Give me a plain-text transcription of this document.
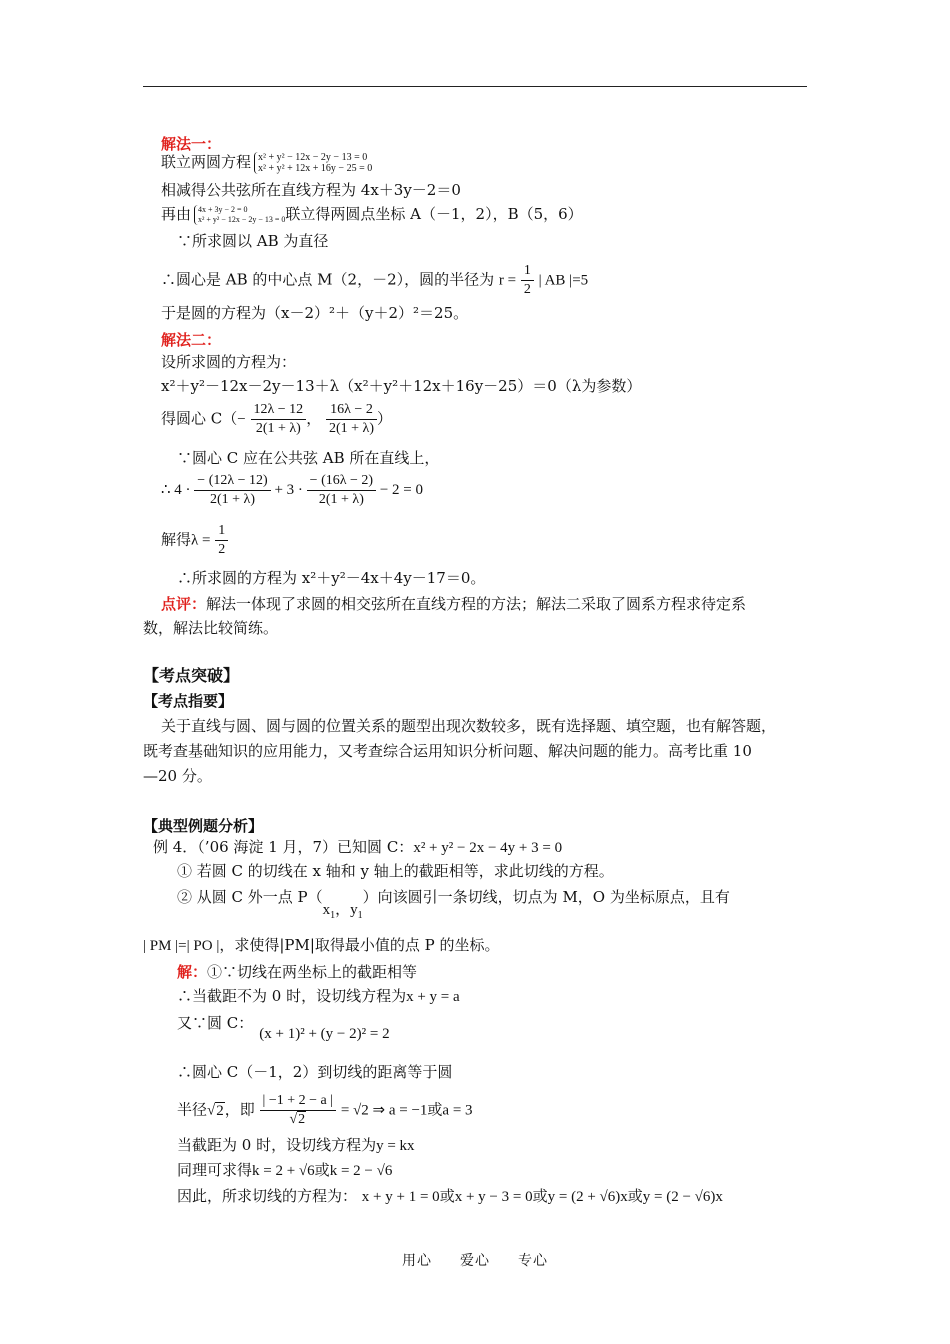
解法一：
联立两圆方程 x² + y² − 12x − 2y − 13 = 0
x² + y² + 12x + 16y − 25 = 0
相减得公共弦所在直线方程为 4x＋3y－2＝0
再由 4x + 3y − 2 = 0
x² + y² − 12x − 2y − 13 = 0联立得两圆点坐标 A（－1，2），B（5，6）
∵所求圆以 AB 为直径
∴圆心是 AB 的中心点 M（2，－2），圆的半径为 $r = \frac{1}{2}$ | AB |=5
于是圆的方程为（x－2）²＋（y＋2）²＝25。
解法二：
设所求圆的方程为：
x²＋y²－12x－2y－13＋λ（x²＋y²＋12x＋16y－25）＝0（λ为参数）
得圆心 $C(- \frac{12\lambda - 12}{2(1 + \lambda)}$ ， $\frac{16\lambda - 2}{2(1 + \lambda)}$ ）
∵圆心 C 应在公共弦 AB 所在直线上，
∴ $4 \cdot \frac{- (12\lambda - 12)}{2(1 + \lambda)} + 3 \cdot \frac{- (16\lambda - 2)}{2(1 + \lambda)} - 2 = 0$
解得$\lambda = \frac{1}{2}$
∴所求圆的方程为 x²＋y²－4x＋4y－17＝0。
点评：解法一体现了求圆的相交弦所在直线方程的方法；解法二采取了圆系方程求待定系
数，解法比较简练。
【考点突破】
【考点指要】
关于直线与圆、圆与圆的位置关系的题型出现次数较多，既有选择题、填空题，也有解答题，
既考查基础知识的应用能力，又考查综合运用知识分析问题、解决问题的能力。高考比重 10
—20 分。
【典型例题分析】
例 4．（’06 海淀 1 月，7）已知圆 C：x² + y² − 2x − 4y + 3 = 0
① 若圆 C 的切线在 x 轴和 y 轴上的截距相等，求此切线的方程。
② 从圆 C 外一点 $P(x_1$，$y_1$）向该圆引一条切线，切点为 M，O 为坐标原点，且有
| PM |=| PO |，求使得|PM|取得最小值的点 P 的坐标。
解：①∵切线在两坐标上的截距相等
∴当截距不为 0 时，设切线方程为x + y = a
又∵圆 C：(x + 1)² + (y − 2)² = 2
∴圆心 C（－1，2）到切线的距离等于圆
半径√2，即 $\frac{| -1 + 2 - a |}{√2} = √2$ ⇒ a = −1或a = 3
当截距为 0 时，设切线方程为y = kx
同理可求得k = 2 + √6或k = 2 − √6
因此，所求切线的方程为： x + y + 1 = 0或x + y − 3 = 0或y = (2 + √6)x或y = (2 − √6)x
用心 爱心 专心
